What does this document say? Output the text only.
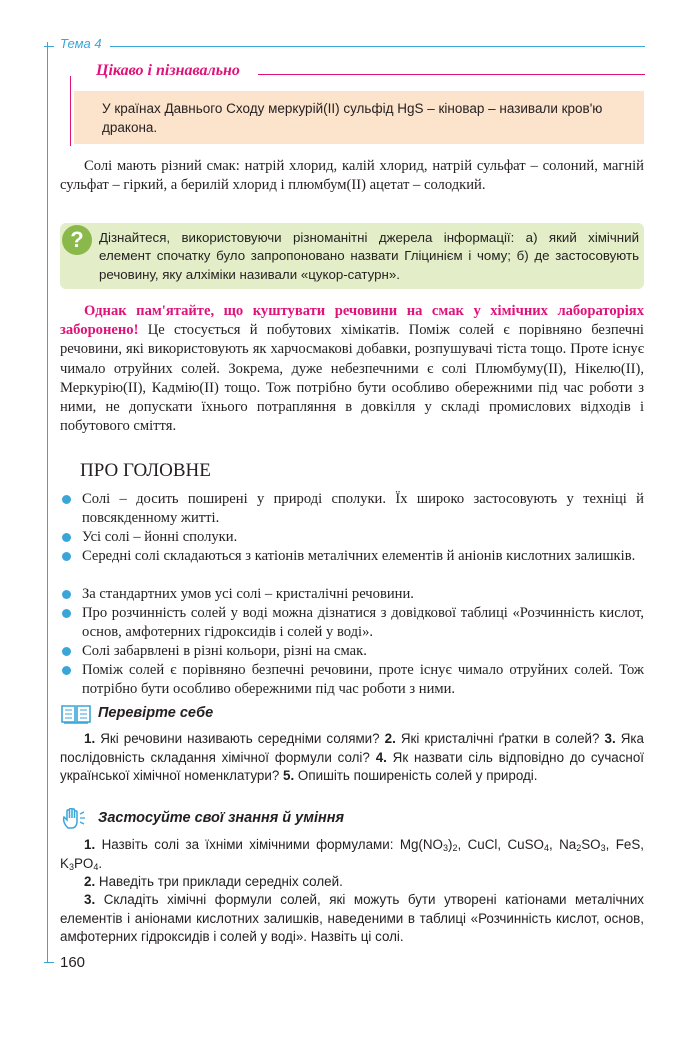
Тема 4
Цікаво і пізнавально
У країнах Давнього Сходу меркурій(ІІ) сульфід HgS – кіновар – називали кров'ю дракона.
Солі мають різний смак: натрій хлорид, калій хлорид, натрій сульфат – солоний, магній сульфат – гіркий, а берилій хлорид і плюмбум(ІІ) ацетат – солодкий.
?	Дізнайтеся, використовуючи різноманітні джерела інформації: а) який хімічний елемент спочатку було запропоновано назвати Гліцинієм і чому; б) де застосовують речовину, яку алхіміки називали «цукор-сатурн».
Однак пам'ятайте, що куштувати речовини на смак у хімічних лабораторіях заборонено! Це стосується й побутових хімікатів. Поміж солей є порівняно безпечні речовини, які використовують як харчосмакові добавки, розпушувачі тіста тощо. Проте існує чимало отруйних солей. Зокрема, дуже небезпечними є солі Плюмбуму(ІІ), Нікелю(ІІ), Меркурію(ІІ), Кадмію(ІІ) тощо. Тож потрібно бути особливо обережними під час роботи з ними, не допускати їхнього потрапляння в довкілля у складі промислових відходів і побутового сміття.
ПРО ГОЛОВНЕ
Солі – досить поширені у природі сполуки. Їх широко застосовують у техніці й повсякденному житті.
Усі солі – йонні сполуки.
Середні солі складаються з катіонів металічних елементів й аніонів кислотних залишків.
За стандартних умов усі солі – кристалічні речовини.
Про розчинність солей у воді можна дізнатися з довідкової таблиці «Розчинність кислот, основ, амфотерних гідроксидів і солей у воді».
Солі забарвлені в різні кольори, різні на смак.
Поміж солей є порівняно безпечні речовини, проте існує чимало отруйних солей. Тож потрібно бути особливо обережними під час роботи з ними.
Перевірте себе
1. Які речовини називають середніми солями? 2. Які кристалічні ґратки в солей? 3. Яка послідовність складання хімічної формули солі? 4. Як назвати сіль відповідно до сучасної української хімічної номенклатури? 5. Опишіть поширеність солей у природі.
Застосуйте свої знання й уміння
1. Назвіть солі за їхніми хімічними формулами: $Mg(NO_3)_2$, CuCl, CuSO$_4$, $Na_2SO_3$, FeS, $K_3PO_4$.
2. Наведіть три приклади середніх солей.
3. Складіть хімічні формули солей, які можуть бути утворені катіонами металічних елементів і аніонами кислотних залишків, наведеними в таблиці «Розчинність кислот, основ, амфотерних гідроксидів і солей у воді». Назвіть ці солі.
160
